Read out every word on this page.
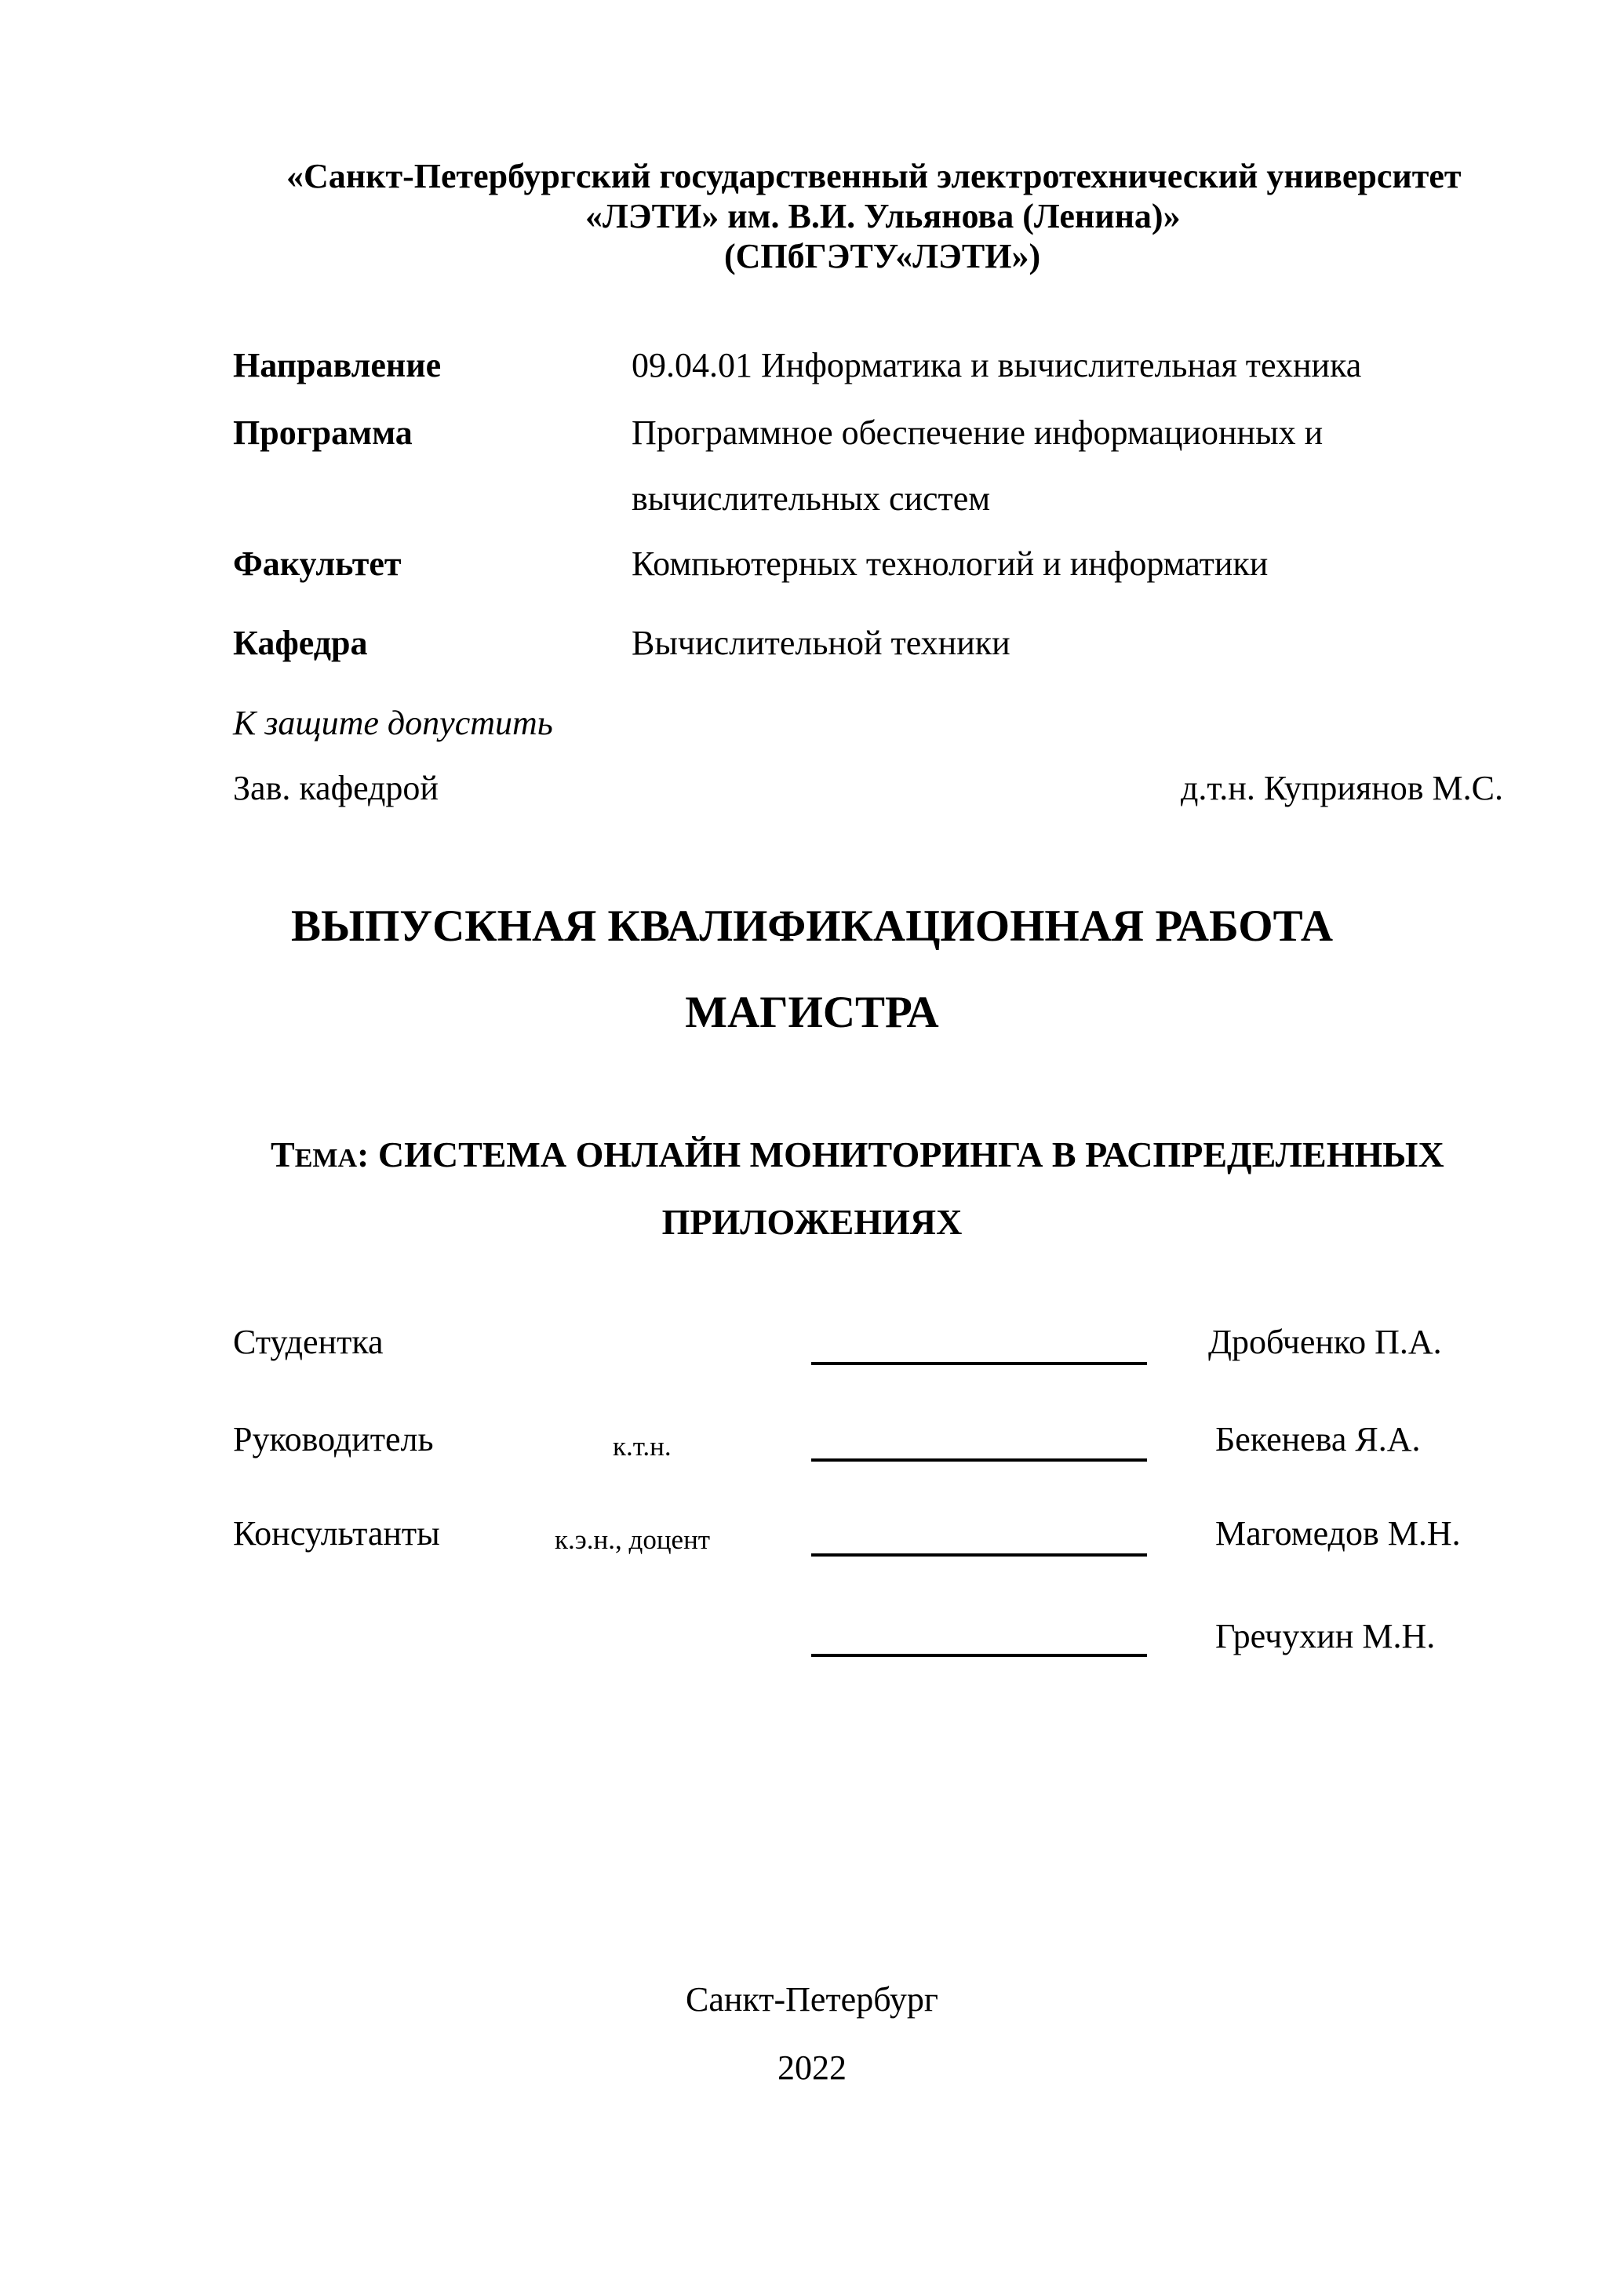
«Санкт-Петербургский государственный электротехнический университет
«ЛЭТИ» им. В.И. Ульянова (Ленина)»
(СПбГЭТУ«ЛЭТИ»)
Направление	09.04.01 Информатика и вычислительная техника
Программа	Программное обеспечение информационных и
вычислительных систем
Факультет	Компьютерных технологий и информатики
Кафедра	Вычислительной техники
К защите допустить
Зав. кафедрой	д.т.н. Куприянов М.С.
ВЫПУСКНАЯ КВАЛИФИКАЦИОННАЯ РАБОТА
МАГИСТРА
ТЕМА: СИСТЕМА ОНЛАЙН МОНИТОРИНГА В РАСПРЕДЕЛЕННЫХ
ПРИЛОЖЕНИЯХ
Студентка	Дробченко П.А.
Руководитель	к.т.н.	Бекенева Я.А.
Консультанты	к.э.н., доцент	Магомедов М.Н.
Гречухин М.Н.
Санкт-Петербург
2022
